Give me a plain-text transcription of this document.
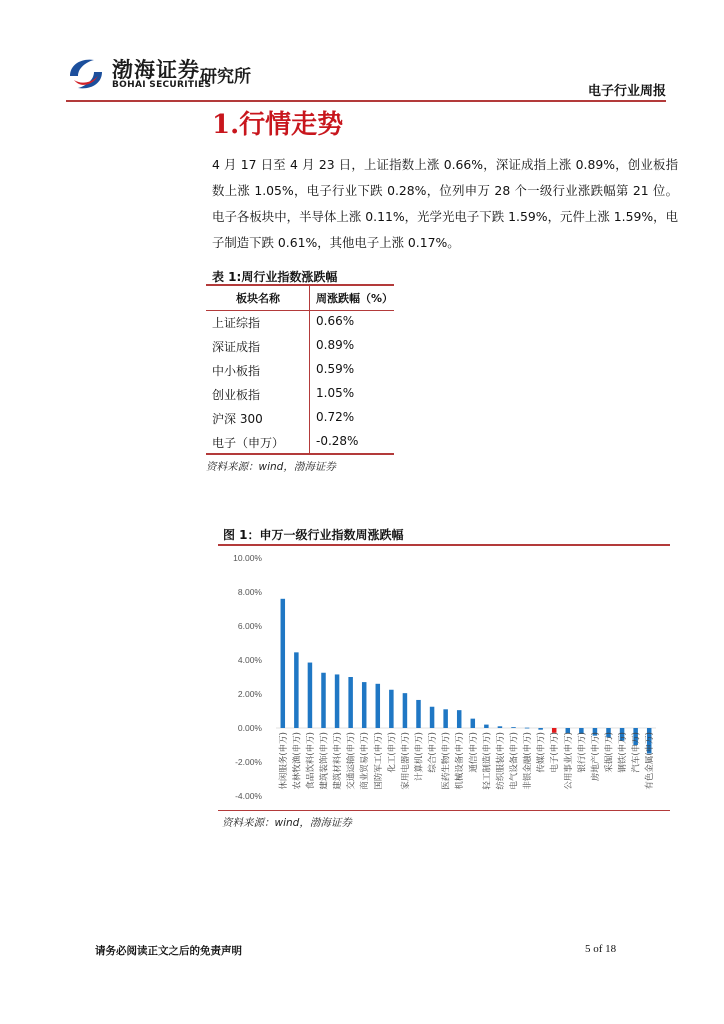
渤海证券
BOHAI SECURITIES
研究所
电子行业周报
1.行情走势

4 月 17 日至 4 月 23 日，上证指数上涨 0.66%，深证成指上涨 0.89%，创业板指数上涨 1.05%，电子行业下跌 0.28%，位列申万 28 个一级行业涨跌幅第 21 位。电子各板块中，半导体上涨 0.11%，光学光电子下跌 1.59%，元件上涨 1.59%，电子制造下跌 0.61%，其他电子上涨 0.17%。

表 1:周行业指数涨跌幅
板块名称	周涨跌幅（%）
上证综指	0.66%
深证成指	0.89%
中小板指	0.59%
创业板指	1.05%
沪深 300	0.72%
电子（申万）	-0.28%
资料来源：wind，渤海证券
图 1：申万一级行业指数周涨跌幅
10.00%
8.00%
6.00%
4.00%
2.00%
0.00%
-2.00%
-4.00%
休闲服务(申万) 农林牧渔(申万) 食品饮料(申万) 建筑装饰(申万) 建筑材料(申万) 交通运输(申万) 商业贸易(申万) 国防军工(申万) 化工(申万) 家用电器(申万) 计算机(申万) 综合(申万) 医药生物(申万) 机械设备(申万) 通信(申万) 轻工制造(申万) 纺织服装(申万) 电气设备(申万) 非银金融(申万) 传媒(申万) 电子(申万) 公用事业(申万) 银行(申万) 房地产(申万) 采掘(申万) 钢铁(申万) 汽车(申万) 有色金属(申万)
资料来源：wind，渤海证券
请务必阅读正文之后的免责声明	5 of 18
